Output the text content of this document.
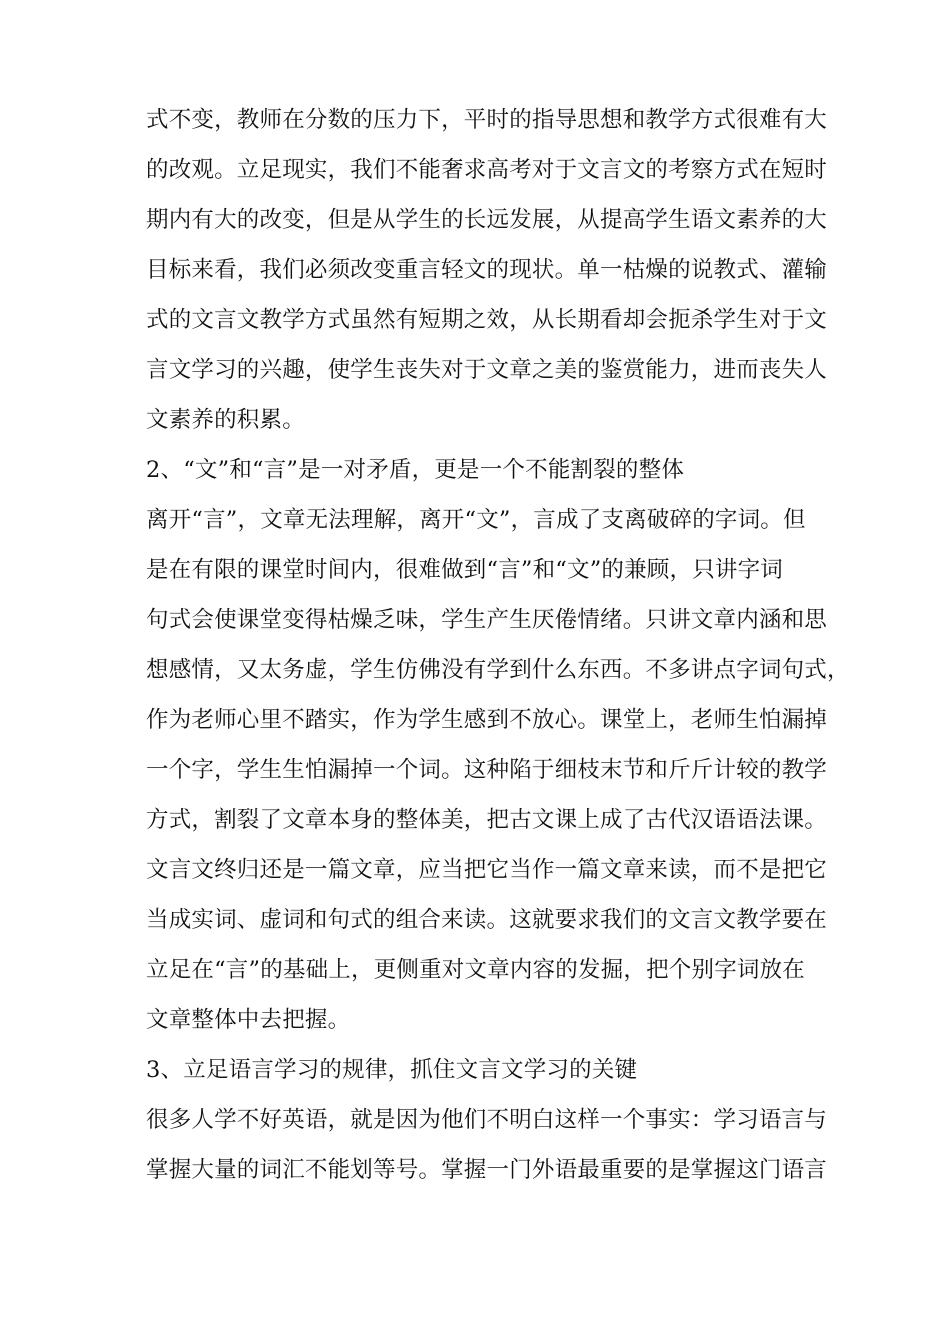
式不变，教师在分数的压力下，平时的指导思想和教学方式很难有大
的改观。立足现实，我们不能奢求高考对于文言文的考察方式在短时
期内有大的改变，但是从学生的长远发展，从提高学生语文素养的大
目标来看，我们必须改变重言轻文的现状。单一枯燥的说教式、灌输
式的文言文教学方式虽然有短期之效，从长期看却会扼杀学生对于文
言文学习的兴趣，使学生丧失对于文章之美的鉴赏能力，进而丧失人
文素养的积累。
2、“文”和“言”是一对矛盾，更是一个不能割裂的整体
离开“言”，文章无法理解，离开“文”，言成了支离破碎的字词。但
是在有限的课堂时间内，很难做到“言”和“文”的兼顾，只讲字词
句式会使课堂变得枯燥乏味，学生产生厌倦情绪。只讲文章内涵和思
想感情，又太务虚，学生仿佛没有学到什么东西。不多讲点字词句式，
作为老师心里不踏实，作为学生感到不放心。课堂上，老师生怕漏掉
一个字，学生生怕漏掉一个词。这种陷于细枝末节和斤斤计较的教学
方式，割裂了文章本身的整体美，把古文课上成了古代汉语语法课。
文言文终归还是一篇文章，应当把它当作一篇文章来读，而不是把它
当成实词、虚词和句式的组合来读。这就要求我们的文言文教学要在
立足在“言”的基础上，更侧重对文章内容的发掘，把个别字词放在
文章整体中去把握。
3、立足语言学习的规律，抓住文言文学习的关键
很多人学不好英语，就是因为他们不明白这样一个事实：学习语言与
掌握大量的词汇不能划等号。掌握一门外语最重要的是掌握这门语言
